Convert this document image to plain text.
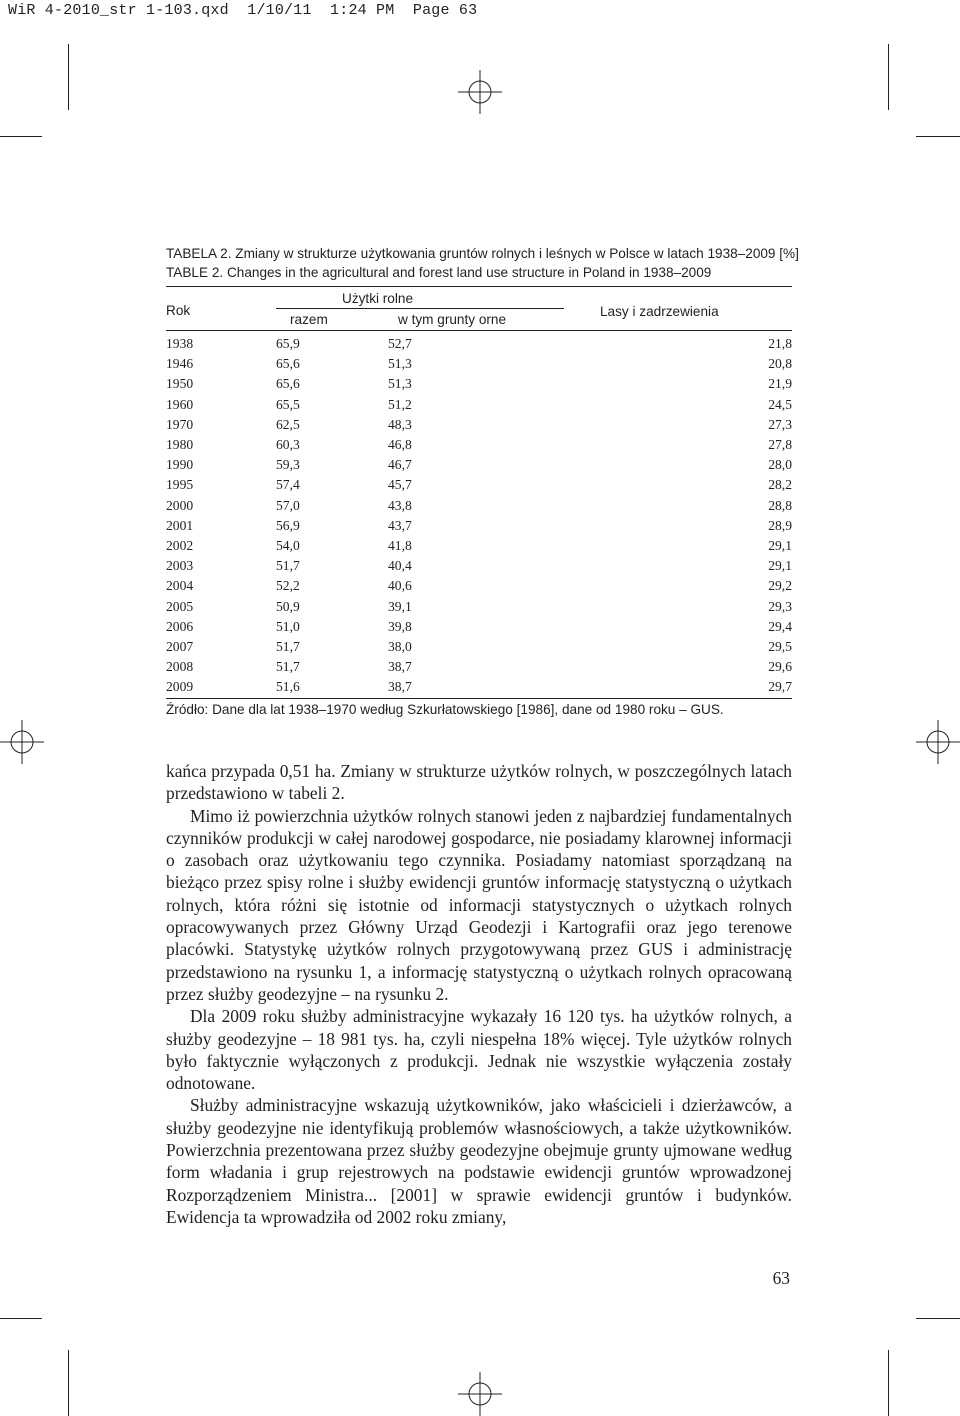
WiR 4-2010_str 1-103.qxd  1/10/11  1:24 PM  Page 63
TABELA 2. Zmiany w strukturze użytkowania gruntów rolnych i leśnych w Polsce w latach 1938–2009 [%]
TABLE 2. Changes in the agricultural and forest land use structure in Poland in 1938–2009
Rok
Użytki rolne
razem	w tym grunty orne
Lasy i zadrzewienia
1938	65,9	52,7	21,8
1946	65,6	51,3	20,8
1950	65,6	51,3	21,9
1960	65,5	51,2	24,5
1970	62,5	48,3	27,3
1980	60,3	46,8	27,8
1990	59,3	46,7	28,0
1995	57,4	45,7	28,2
2000	57,0	43,8	28,8
2001	56,9	43,7	28,9
2002	54,0	41,8	29,1
2003	51,7	40,4	29,1
2004	52,2	40,6	29,2
2005	50,9	39,1	29,3
2006	51,0	39,8	29,4
2007	51,7	38,0	29,5
2008	51,7	38,7	29,6
2009	51,6	38,7	29,7
Źródło: Dane dla lat 1938–1970 według Szkurłatowskiego [1986], dane od 1980 roku – GUS.

kańca przypada 0,51 ha. Zmiany w strukturze użytków rolnych, w poszczególnych latach przedstawiono w tabeli 2.

Mimo iż powierzchnia użytków rolnych stanowi jeden z najbardziej fundamentalnych czynników produkcji w całej narodowej gospodarce, nie posiadamy klarownej informacji o zasobach oraz użytkowaniu tego czynnika. Posiadamy natomiast sporządzaną na bieżąco przez spisy rolne i służby ewidencji gruntów informację statystyczną o użytkach rolnych, która różni się istotnie od informacji statystycznych o użytkach rolnych opracowywanych przez Główny Urząd Geodezji i Kartografii oraz jego terenowe placówki. Statystykę użytków rolnych przygotowywaną przez GUS i administrację przedstawiono na rysunku 1, a informację statystyczną o użytkach rolnych opracowaną przez służby geodezyjne – na rysunku 2.

Dla 2009 roku służby administracyjne wykazały 16 120 tys. ha użytków rolnych, a służby geodezyjne – 18 981 tys. ha, czyli niespełna 18% więcej. Tyle użytków rolnych było faktycznie wyłączonych z produkcji. Jednak nie wszystkie wyłączenia zostały odnotowane.

Służby administracyjne wskazują użytkowników, jako właścicieli i dzierżawców, a służby geodezyjne nie identyfikują problemów własnościowych, a także użytkowników. Powierzchnia prezentowana przez służby geodezyjne obejmuje grunty ujmowane według form władania i grup rejestrowych na podstawie ewidencji gruntów wprowadzonej Rozporządzeniem Ministra... [2001] w sprawie ewidencji gruntów i budynków. Ewidencja ta wprowadziła od 2002 roku zmiany,

63
